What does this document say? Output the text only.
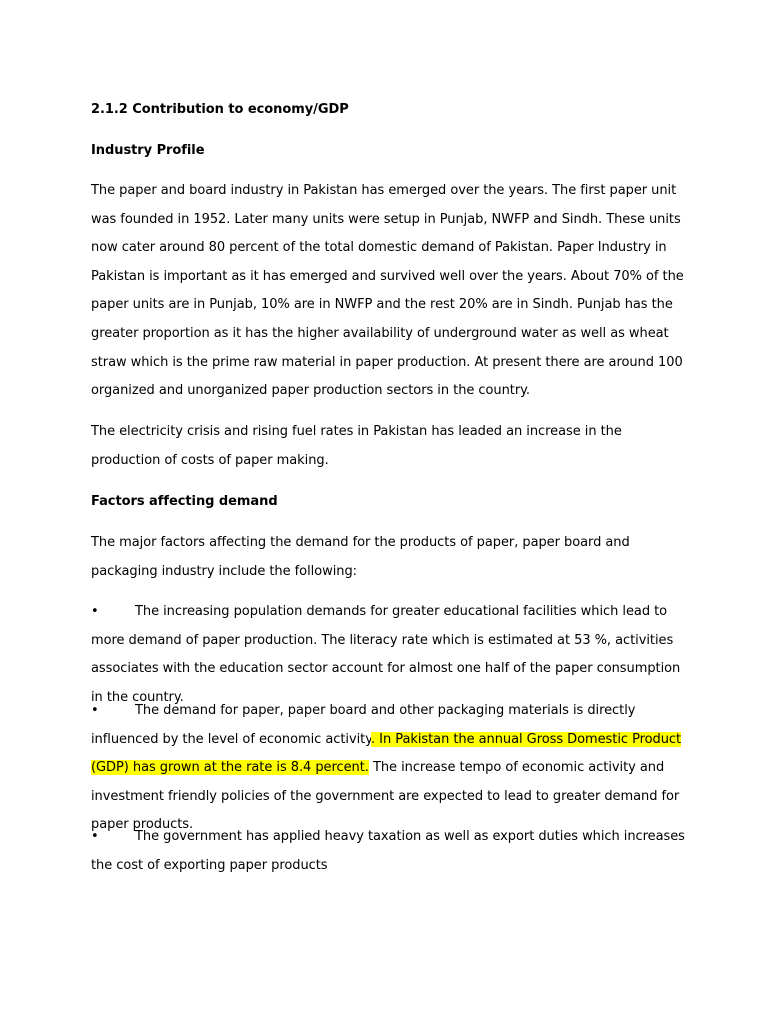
2.1.2 Contribution to economy/GDP
Industry Profile

The paper and board industry in Pakistan has emerged over the years. The first paper unit was founded in 1952. Later many units were setup in Punjab, NWFP and Sindh. These units now cater around 80 percent of the total domestic demand of Pakistan. Paper Industry in Pakistan is important as it has emerged and survived well over the years. About 70% of the paper units are in Punjab, 10% are in NWFP and the rest 20% are in Sindh. Punjab has the greater proportion as it has the higher availability of underground water as well as wheat straw which is the prime raw material in paper production. At present there are around 100 organized and unorganized paper production sectors in the country.

The electricity crisis and rising fuel rates in Pakistan has leaded an increase in the production of costs of paper making.

Factors affecting demand

The major factors affecting the demand for the products of paper, paper board and packaging industry include the following:

•	The increasing population demands for greater educational facilities which lead to more demand of paper production. The literacy rate which is estimated at 53 %, activities associates with the education sector account for almost one half of the paper consumption in the country.

•	The demand for paper, paper board and other packaging materials is directly influenced by the level of economic activity. In Pakistan the annual Gross Domestic Product (GDP) has grown at the rate is 8.4 percent. The increase tempo of economic activity and investment friendly policies of the government are expected to lead to greater demand for paper products.

•	The government has applied heavy taxation as well as export duties which increases the cost of exporting paper products
